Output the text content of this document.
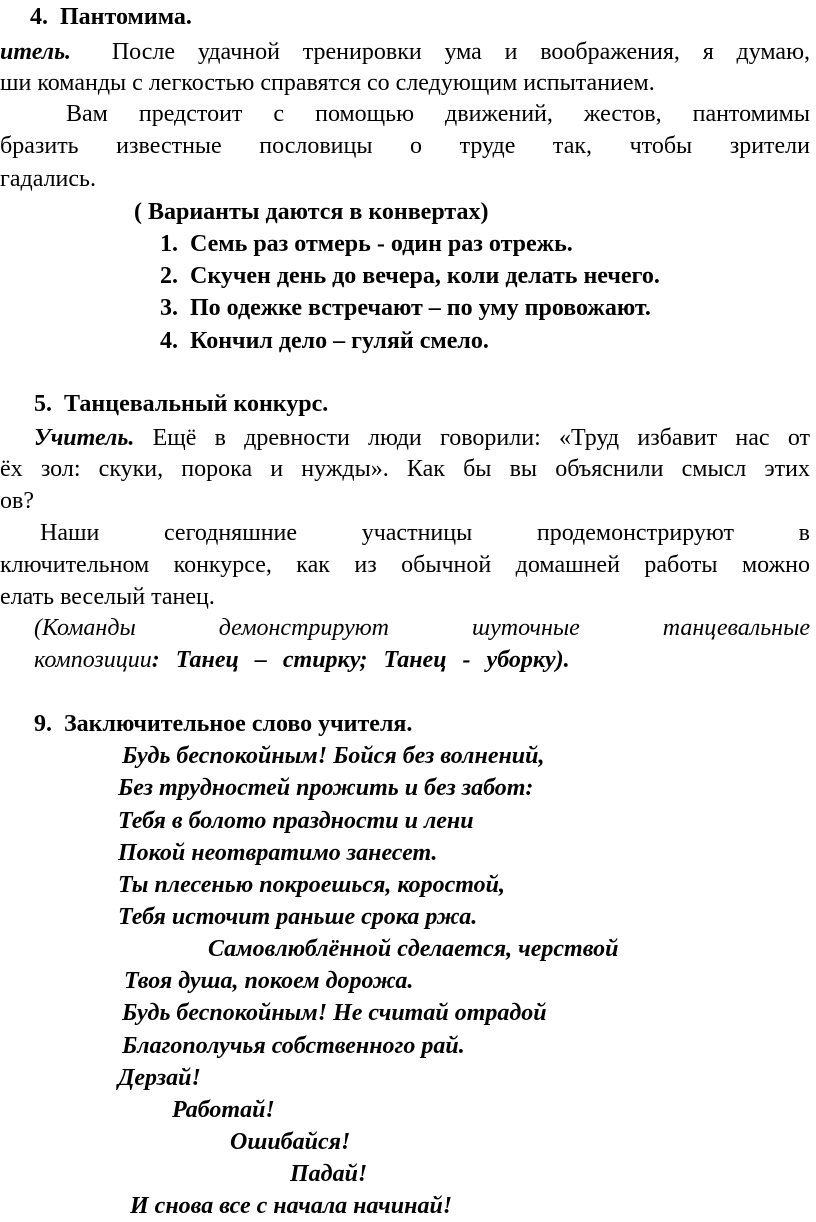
4. Пантомима.
итель. После удачной тренировки ума и воображения, я думаю,
ши команды с легкостью справятся со следующим испытанием.
Вам предстоит с помощью движений, жестов, пантомимы
бразить известные пословицы о труде так, чтобы зрители
гадались.
( Варианты даются в конвертах)
1. Семь раз отмерь - один раз отрежь.
2. Скучен день до вечера, коли делать нечего.
3. По одежке встречают – по уму провожают.
4. Кончил дело – гуляй смело.
5. Танцевальный конкурс.
Учитель. Ещё в древности люди говорили: «Труд избавит нас от
ёх зол: скуки, порока и нужды». Как бы вы объяснили смысл этих
ов?
Наши сегодняшние участницы продемонстрируют в
ключительном конкурсе, как из обычной домашней работы можно
елать веселый танец.
(Команды демонстрируют шуточные танцевальные
композиции: Танец – стирку; Танец - уборку).
9. Заключительное слово учителя.
Будь беспокойным! Бойся без волнений,
Без трудностей прожить и без забот:
Тебя в болото праздности и лени
Покой неотвратимо занесет.
Ты плесенью покроешься, коростой,
Тебя источит раньше срока ржа.
Самовлюблённой сделается, черствой
Твоя душа, покоем дорожа.
Будь беспокойным! Не считай отрадой
Благополучья собственного рай.
Дерзай!
Работай!
Ошибайся!
Падай!
И снова все с начала начинай!
